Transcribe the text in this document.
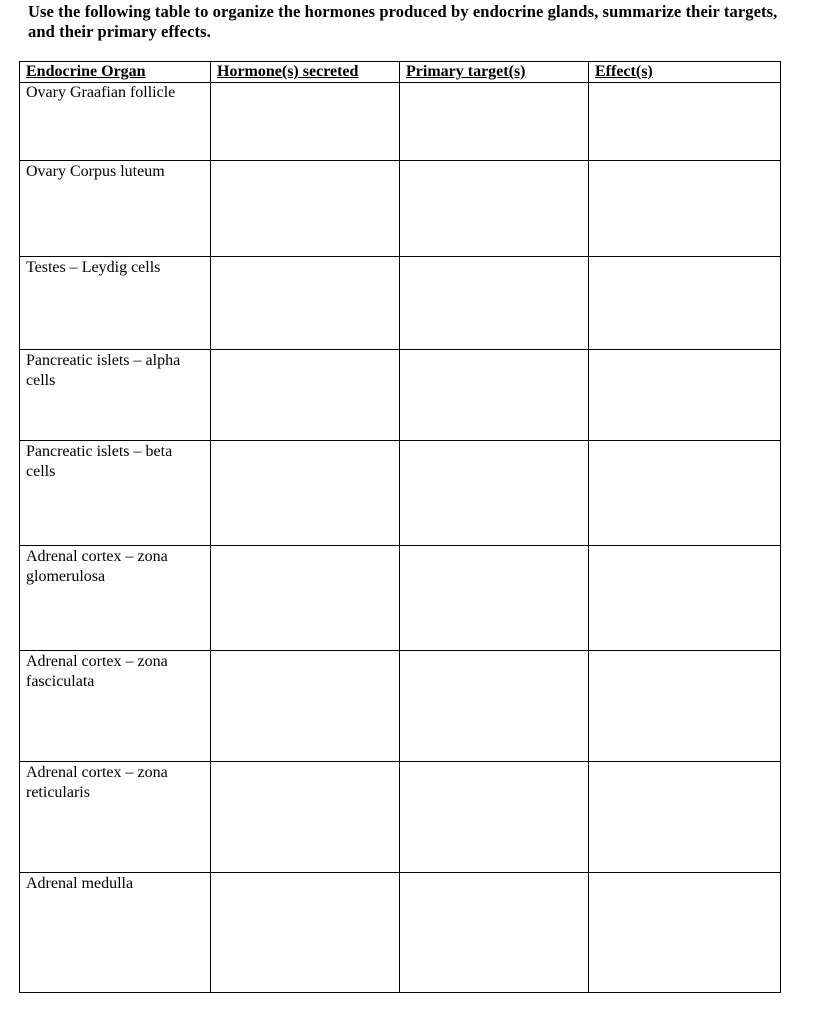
Use the following table to organize the hormones produced by endocrine glands, summarize their targets, and their primary effects.

Endocrine Organ	Hormone(s) secreted	Primary target(s)	Effect(s)
Ovary Graafian follicle			
Ovary Corpus luteum			
Testes – Leydig cells			
Pancreatic islets – alpha cells			
Pancreatic islets – beta cells			
Adrenal cortex – zona glomerulosa			
Adrenal cortex – zona fasciculata			
Adrenal cortex – zona reticularis			
Adrenal medulla			
